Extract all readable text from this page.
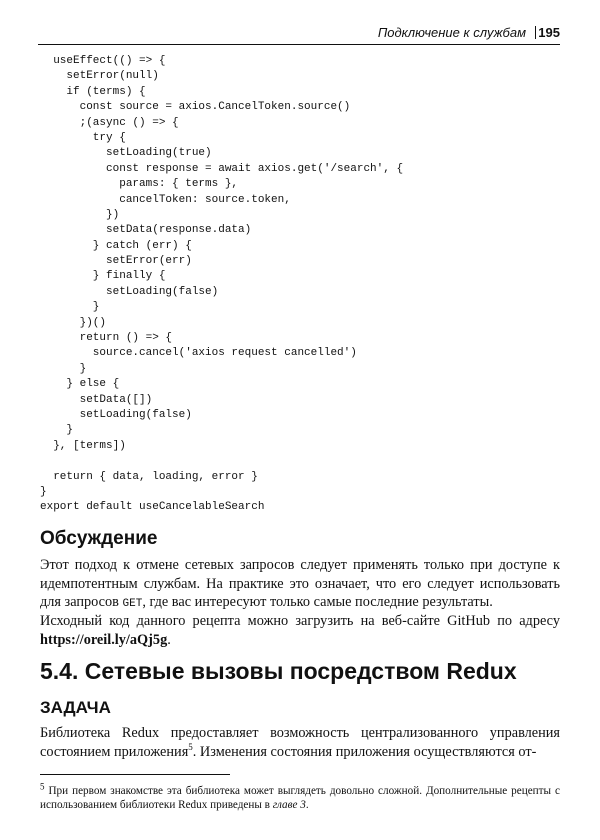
Подключение к службам 195
useEffect(() => {
setError(null)
if (terms) {
const source = axios.CancelToken.source()
;(async () => {
try {
setLoading(true)
const response = await axios.get('/search', {
params: { terms },
cancelToken: source.token,
})
setData(response.data)
} catch (err) {
setError(err)
} finally {
setLoading(false)
}
})()
return () => {
source.cancel('axios request cancelled')
}
} else {
setData([])
setLoading(false)
}
}, [terms])
return { data, loading, error }
}
export default useCancelableSearch
Обсуждение

Этот подход к отмене сетевых запросов следует применять только при доступе к идемпотентным службам. На практике это означает, что его следует использовать для запросов GET, где вас интересуют только самые последние результаты.

Исходный код данного рецепта можно загрузить на веб-сайте GitHub по адресу https://oreil.ly/aQj5g.

5.4. Сетевые вызовы посредством Redux
ЗАДАЧА

Библиотека Redux предоставляет возможность централизованного управления состоянием приложения$^5$. Изменения состояния приложения осуществляются от-

$^5$ При первом знакомстве эта библиотека может выглядеть довольно сложной. Дополнительные рецепты с использованием библиотеки Redux приведены в главе 3.
